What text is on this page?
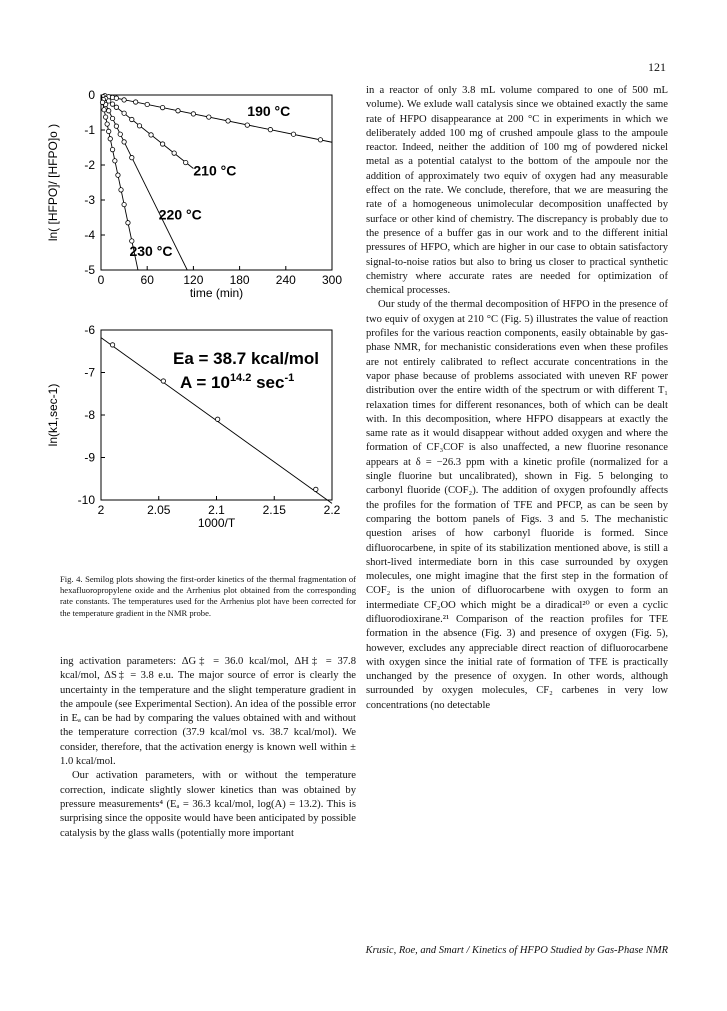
121
0	60 120 180 240 300
0
-1
-2
-3
-4
-5
time (min)
ln( [HFPO]/ [HFPO]o )
190 °C
210 °C
220 °C
230 °C
2	2.05	2.1	2.15	2.2
-6
-7
-8
-9
-10
1000/T
ln(k1,sec-1)
Ea = 38.7 kcal/mol
$A = 10^{14.2}$ $\sec^{-1}$
Fig. 4. Semilog plots showing the first-order kinetics of the thermal fragmentation of hexafluoropropylene oxide and the Arrhenius plot obtained from the corresponding rate constants. The temperatures used for the Arrhenius plot have been corrected for the temperature gradient in the NMR probe.

ing activation parameters: ΔG‡ = 36.0 kcal/mol, ΔH‡ = 37.8 kcal/mol, ΔS‡ = 3.8 e.u. The major source of error is clearly the uncertainty in the temperature and the slight temperature gradient in the ampoule (see Experimental Section). An idea of the possible error in Eₐ can be had by comparing the values obtained with and without the temperature correction (37.9 kcal/mol vs. 38.7 kcal/mol). We consider, therefore, that the activation energy is known well within ± 1.0 kcal/mol.

Our activation parameters, with or without the temperature correction, indicate slightly slower kinetics than was obtained by pressure measurements⁴ (Eₐ = 36.3 kcal/mol, log(A) = 13.2). This is surprising since the opposite would have been anticipated by possible catalysis by the glass walls (potentially more important

in a reactor of only 3.8 mL volume compared to one of 500 mL volume). We exlude wall catalysis since we obtained exactly the same rate of HFPO disappearance at 200 °C in experiments in which we deliberately added 100 mg of crushed ampoule glass to the ampoule reactor. Indeed, neither the addition of 100 mg of powdered nickel metal as a potential catalyst to the bottom of the ampoule nor the addition of approximately two equiv of oxygen had any measurable effect on the rate. We conclude, therefore, that we are measuring the rate of a homogeneous unimolecular decomposition unaffected by surface or other kind of chemistry. The discrepancy is probably due to the presence of a buffer gas in our work and to the different initial pressures of HFPO, which are higher in our case to obtain satisfactory signal-to-noise ratios but also to bring us closer to practical synthetic chemistry where accurate rates are needed for optimization of chemical processes.

Our study of the thermal decomposition of HFPO in the presence of two equiv of oxygen at 210 °C (Fig. 5) illustrates the value of reaction profiles for the various reaction components, easily obtainable by gas-phase NMR, for mechanistic considerations even when these profiles are not entirely calibrated to reflect accurate concentrations in the vapor phase because of problems associated with uneven RF power distribution over the entire width of the spectrum or with different T₁ relaxation times for different resonances, both of which can be dealt with. In this decomposition, where HFPO disappears at exactly the same rate as it would disappear without added oxygen and where the formation of CF₃COF is also unaffected, a new fluorine resonance appears at δ = −26.3 ppm with a kinetic profile (normalized for a single fluorine but uncalibrated), shown in Fig. 5 belonging to carbonyl fluoride (COF₂). The addition of oxygen profoundly affects the profiles for the formation of TFE and PFCP, as can be seen by comparing the bottom panels of Figs. 3 and 5. The mechanistic question arises of how carbonyl fluoride is formed. Since difluorocarbene, in spite of its stabilization mentioned above, is still a short-lived intermediate born in this case surrounded by oxygen molecules, one might imagine that the first step in the formation of COF₂ is the union of difluorocarbene with oxygen to form an intermediate CF₂OO which might be a diradical²⁰ or even a cyclic difluorodioxirane.²¹ Comparison of the reaction profiles for TFE formation in the absence (Fig. 3) and presence of oxygen (Fig. 5), however, excludes any appreciable direct reaction of difluorocarbene with oxygen since the initial rate of formation of TFE is practically unchanged by the presence of oxygen. In other words, although surrounded by oxygen molecules, CF₂ carbenes in very low concentrations (no detectable

Krusic, Roe, and Smart / Kinetics of HFPO Studied by Gas-Phase NMR
